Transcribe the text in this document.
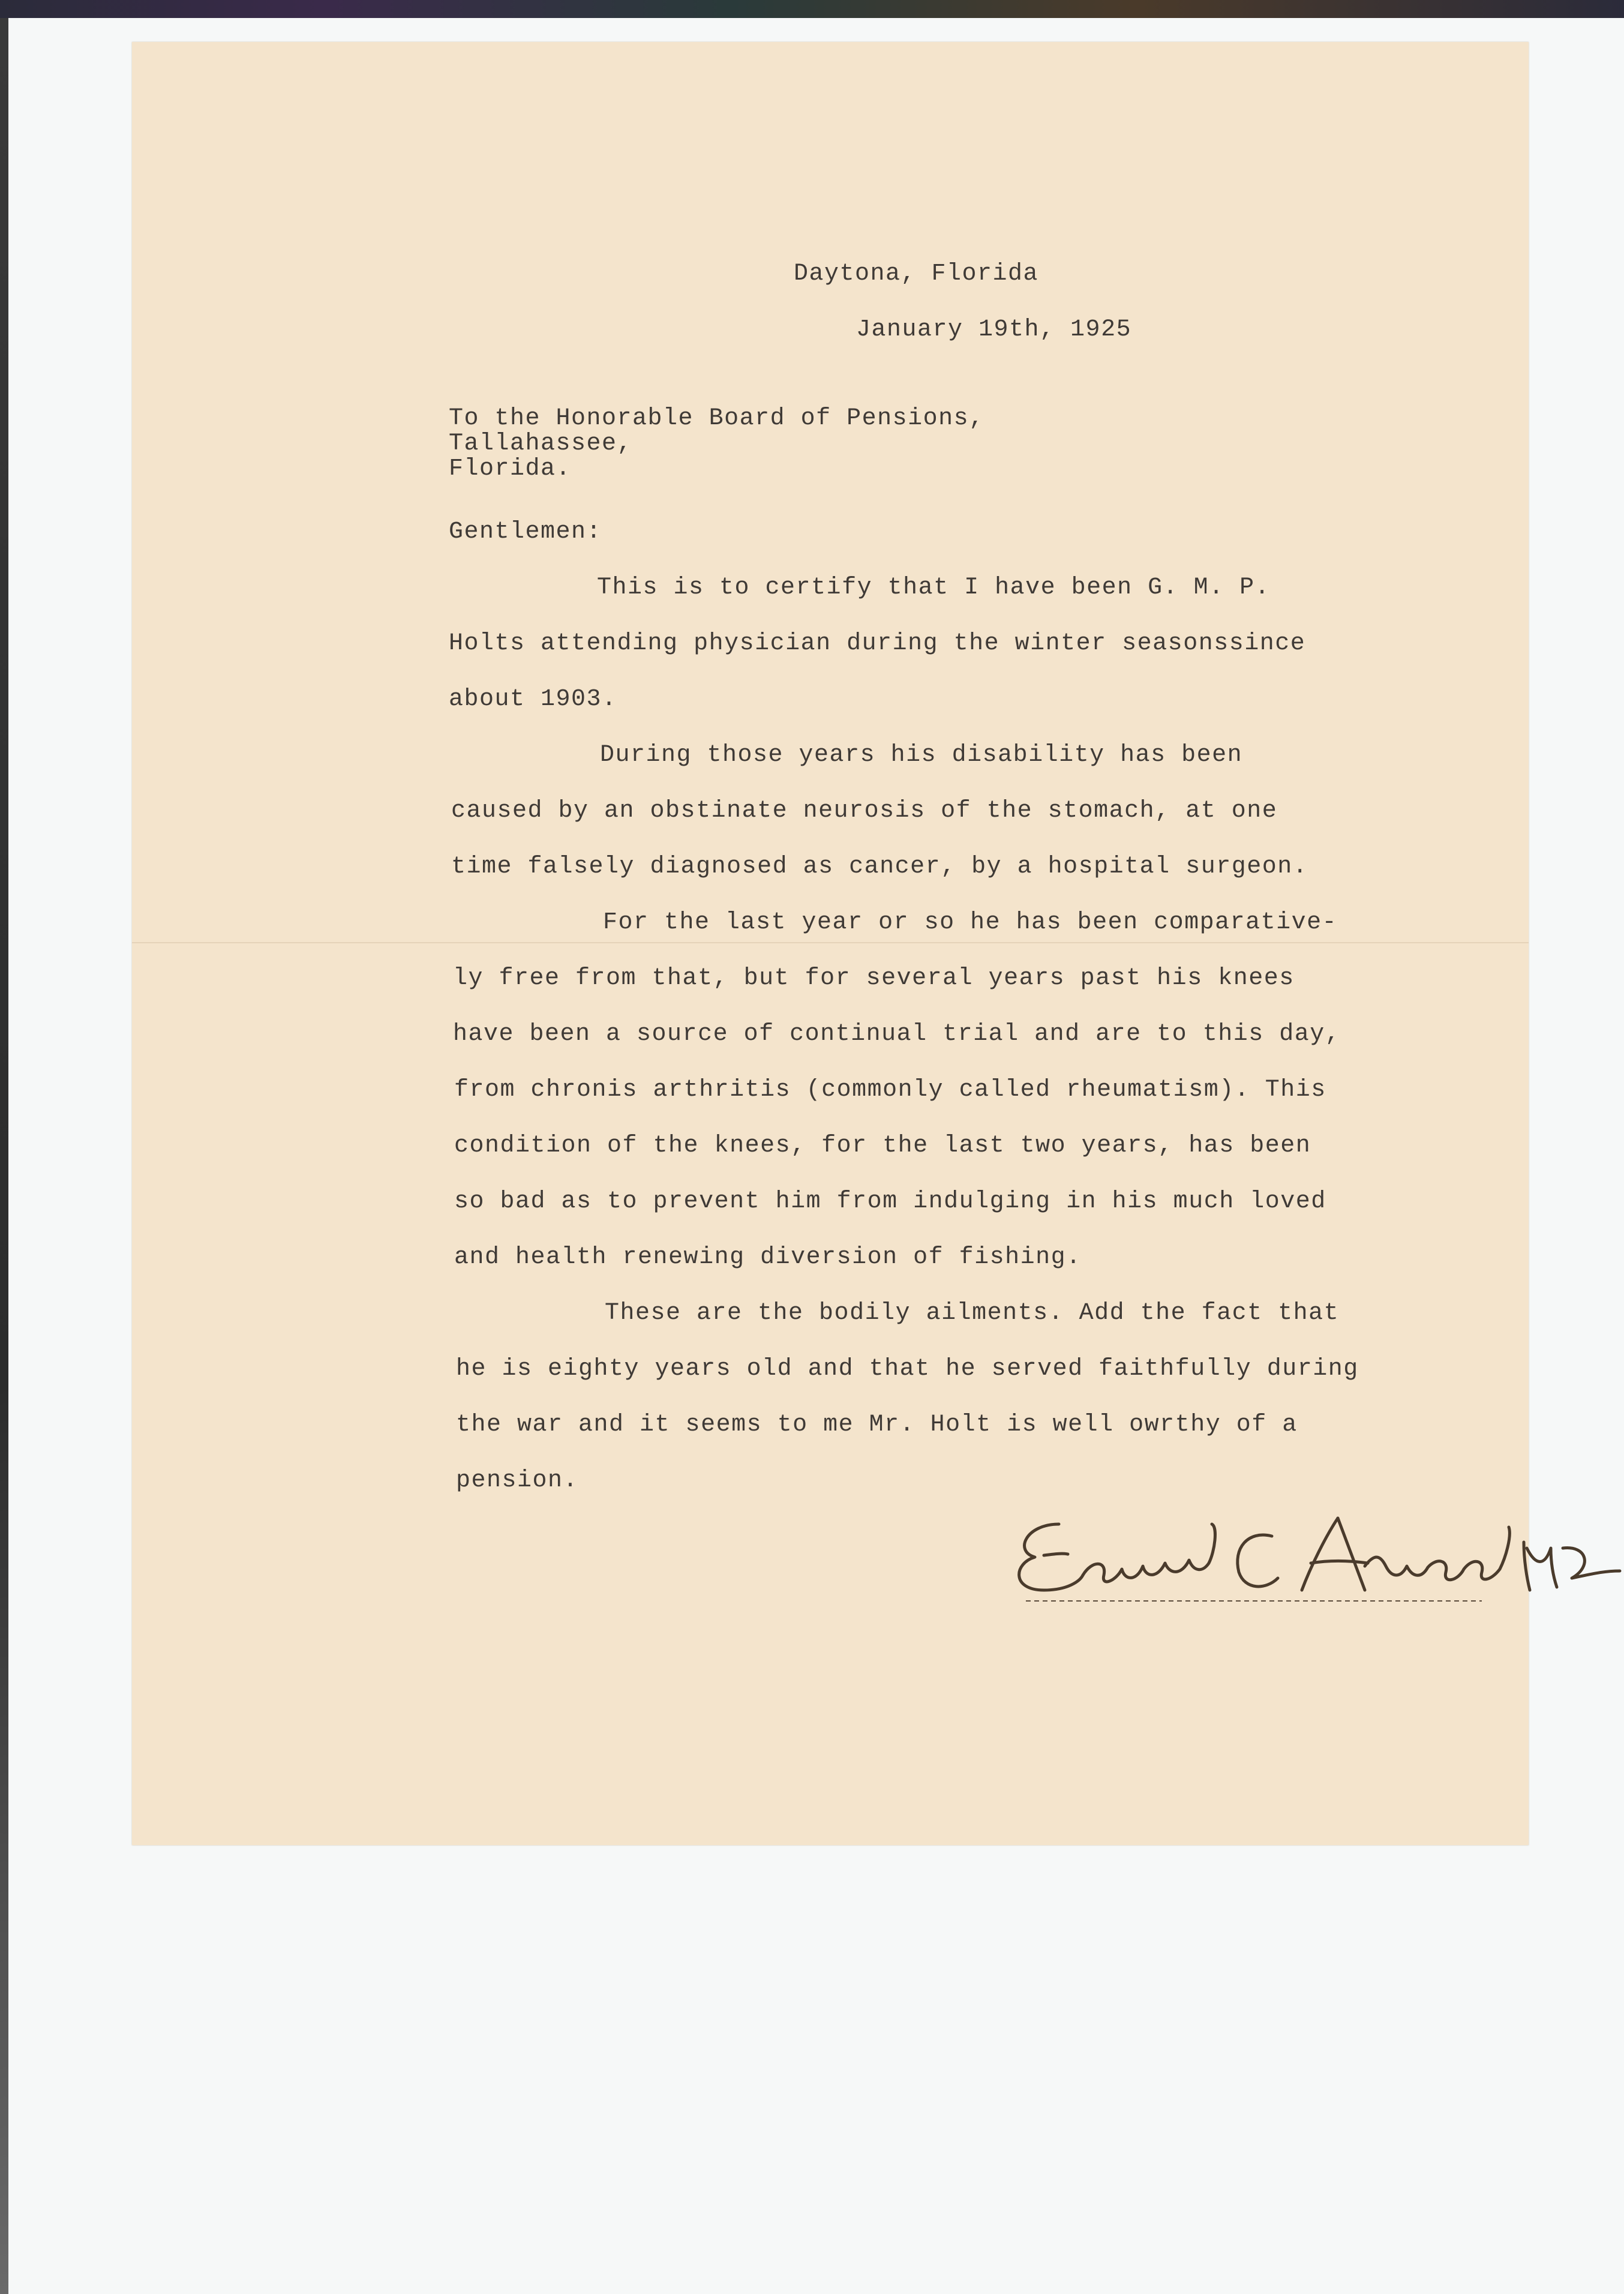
Daytona, Florida
January 19th, 1925
To the Honorable Board of Pensions,
Tallahassee,
Florida.
Gentlemen:
This is to certify that I have been G. M. P.
Holts attending physician during the winter seasonssince
about 1903.
During those years his disability has been
caused by an obstinate neurosis of the stomach, at one
time falsely diagnosed as cancer, by a hospital surgeon.
For the last year or so he has been comparative-
ly free from that, but for several years past his knees
have been a source of continual trial and are to this day,
from chronis arthritis (commonly called rheumatism). This
condition of the knees, for the last two years, has been
so bad as to prevent him from indulging in his much loved
and health renewing diversion of fishing.
These are the bodily ailments. Add the fact that
he is eighty years old and that he served faithfully during
the war and it seems to me Mr. Holt is well owrthy of a
pension.
